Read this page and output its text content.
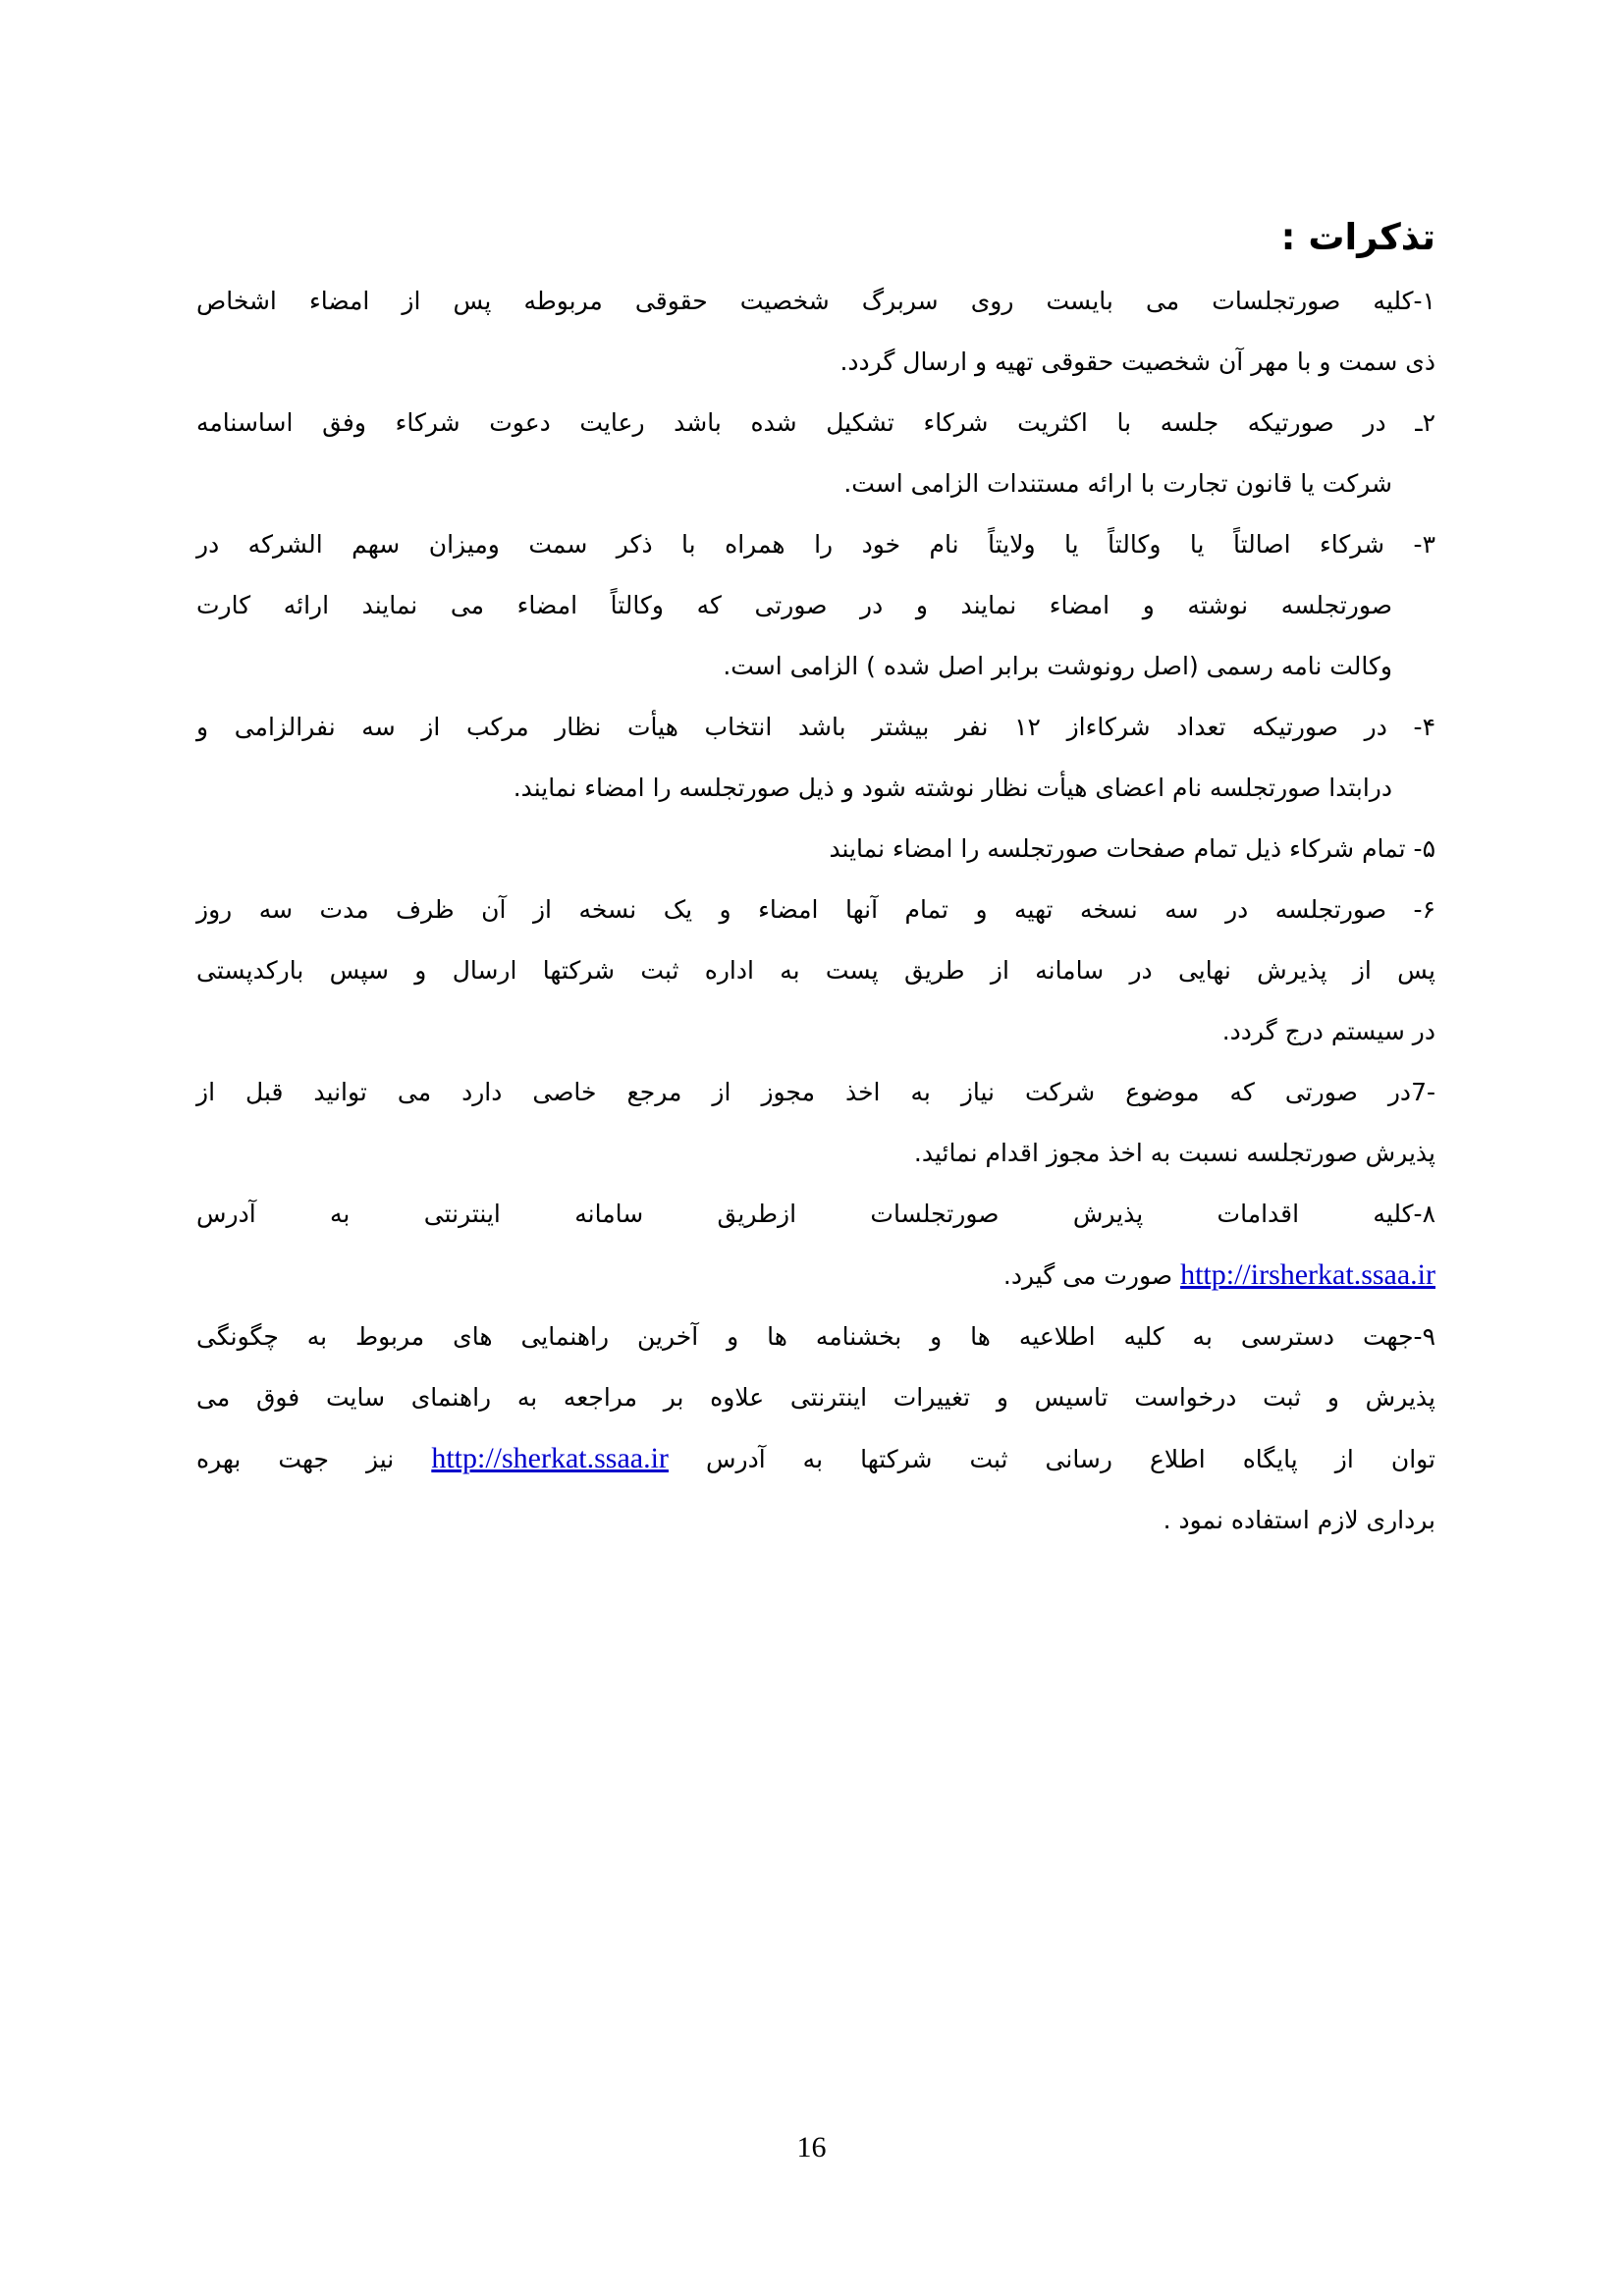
تذکرات :
۱-کلیه صورتجلسات می بایست روی سربرگ شخصیت حقوقی مربوطه پس از امضاء اشخاص
ذی سمت و با مهر آن شخصیت حقوقی تهیه و ارسال گردد.
۲ـ در صورتیکه جلسه با اکثریت شرکاء تشکیل شده باشد رعایت دعوت شرکاء وفق اساسنامه
شرکت یا قانون تجارت با ارائه مستندات الزامی است.
۳- شرکاء اصالتاً یا وکالتاً یا ولایتاً نام خود را همراه با ذکر سمت ومیزان سهم الشرکه در
صورتجلسه نوشته و امضاء نمایند و در صورتی که وکالتاً امضاء می نمایند ارائه کارت
وکالت نامه رسمی (اصل رونوشت برابر اصل شده ) الزامی است.
۴- در صورتیکه تعداد شرکاءاز ۱۲ نفر بیشتر باشد انتخاب هیأت نظار مرکب از سه نفرالزامی و
درابتدا صورتجلسه نام اعضای هیأت نظار نوشته شود و ذیل صورتجلسه را امضاء نمایند.
۵- تمام شرکاء ذیل تمام صفحات صورتجلسه را امضاء نمایند
۶- صورتجلسه در سه نسخه تهیه و تمام آنها امضاء و یک نسخه از آن ظرف مدت سه روز
پس از پذیرش نهایی در سامانه از طریق پست به اداره ثبت شرکتها ارسال و سپس بارکدپستی
در سیستم درج گردد.
-7در صورتی که موضوع شرکت نیاز به اخذ مجوز از مرجع خاصی دارد می توانید قبل از
پذیرش صورتجلسه نسبت به اخذ مجوز اقدام نمائید.
۸-کلیه اقدامات پذیرش صورتجلسات ازطریق سامانه اینترنتی به آدرس
http://irsherkat.ssaa.ir صورت می گیرد.
۹-جهت دسترسی به کلیه اطلاعیه ها و بخشنامه ها و آخرین راهنمایی های مربوط به چگونگی
پذیرش و ثبت درخواست تاسیس و تغییرات اینترنتی علاوه بر مراجعه به راهنمای سایت فوق می
توان از پایگاه اطلاع رسانی ثبت شرکتها به آدرس http://sherkat.ssaa.ir نیز جهت بهره
برداری لازم استفاده نمود .
16
